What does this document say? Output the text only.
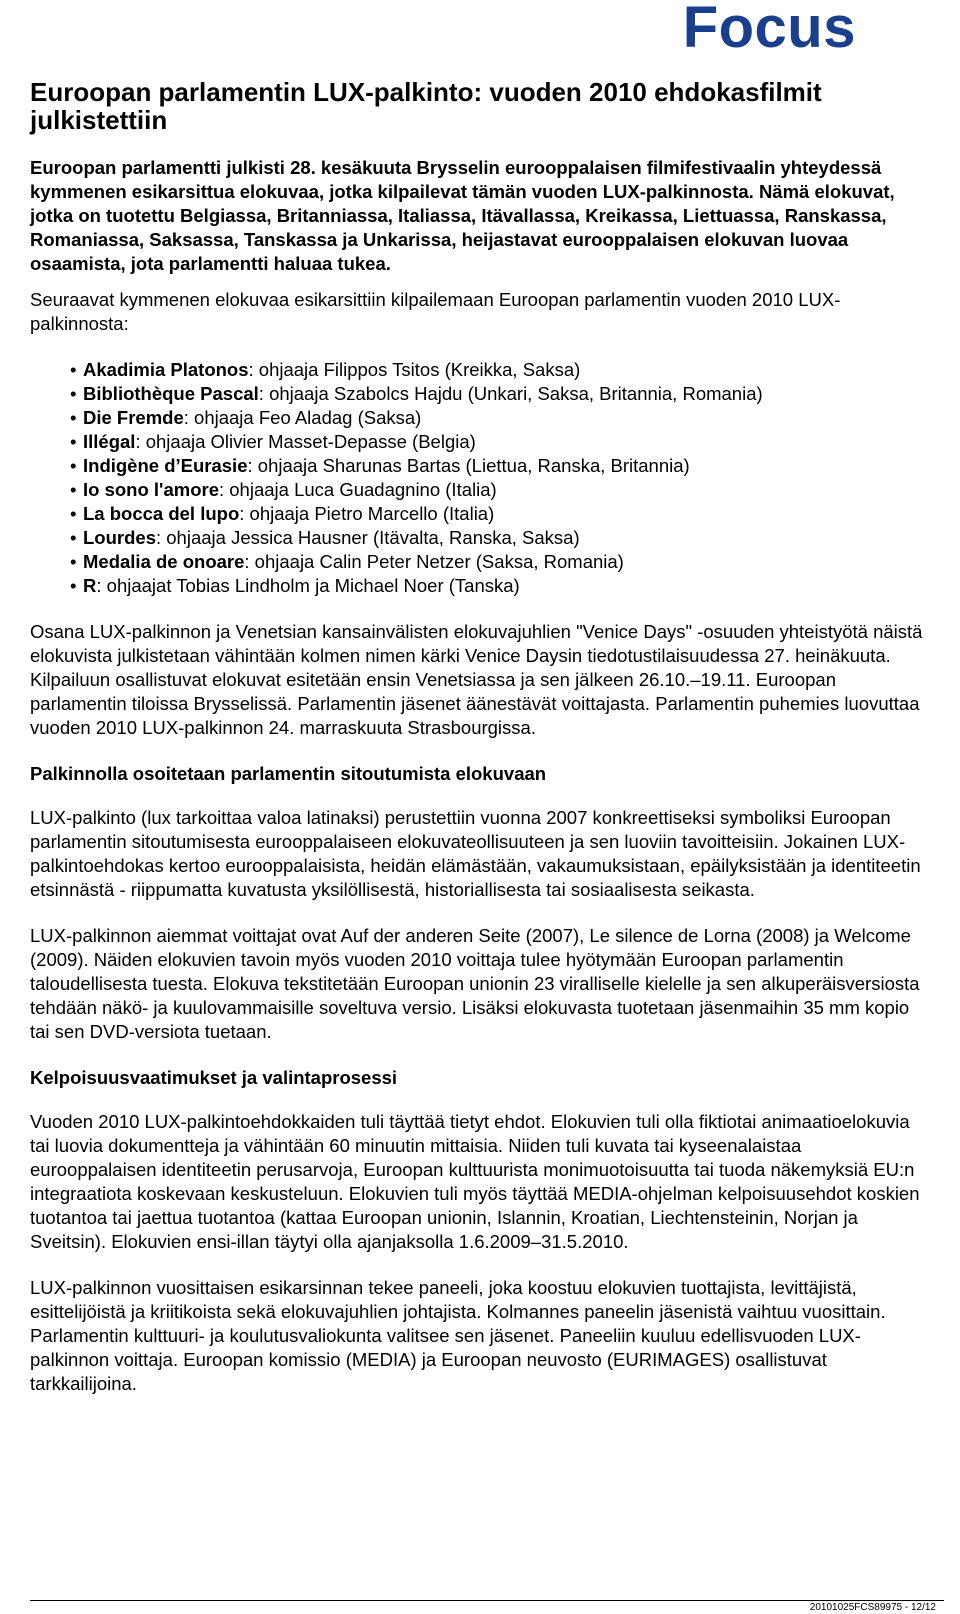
Focus
Euroopan parlamentin LUX-palkinto: vuoden 2010 ehdokasfilmit julkistettiin

Euroopan parlamentti julkisti 28. kesäkuuta Brysselin eurooppalaisen filmifestivaalin yhteydessä kymmenen esikarsittua elokuvaa, jotka kilpailevat tämän vuoden LUX-palkinnosta. Nämä elokuvat, jotka on tuotettu Belgiassa, Britanniassa, Italiassa, Itävallassa, Kreikassa, Liettuassa, Ranskassa, Romaniassa, Saksassa, Tanskassa ja Unkarissa, heijastavat eurooppalaisen elokuvan luovaa osaamista, jota parlamentti haluaa tukea.

Seuraavat kymmenen elokuvaa esikarsittiin kilpailemaan Euroopan parlamentin vuoden 2010 LUX-palkinnosta:

• Akadimia Platonos: ohjaaja Filippos Tsitos (Kreikka, Saksa)
• Bibliothèque Pascal: ohjaaja Szabolcs Hajdu (Unkari, Saksa, Britannia, Romania)
• Die Fremde: ohjaaja Feo Aladag (Saksa)
• Illégal: ohjaaja Olivier Masset-Depasse (Belgia)
• Indigène d’Eurasie: ohjaaja Sharunas Bartas (Liettua, Ranska, Britannia)
• Io sono l'amore: ohjaaja Luca Guadagnino (Italia)
• La bocca del lupo: ohjaaja Pietro Marcello (Italia)
• Lourdes: ohjaaja Jessica Hausner (Itävalta, Ranska, Saksa)
• Medalia de onoare: ohjaaja Calin Peter Netzer (Saksa, Romania)
• R: ohjaajat Tobias Lindholm ja Michael Noer (Tanska)

Osana LUX-palkinnon ja Venetsian kansainvälisten elokuvajuhlien "Venice Days" -osuuden yhteistyötä näistä elokuvista julkistetaan vähintään kolmen nimen kärki Venice Daysin tiedotustilaisuudessa 27. heinäkuuta. Kilpailuun osallistuvat elokuvat esitetään ensin Venetsiassa ja sen jälkeen 26.10.–19.11. Euroopan parlamentin tiloissa Brysselissä. Parlamentin jäsenet äänestävät voittajasta. Parlamentin puhemies luovuttaa vuoden 2010 LUX-palkinnon 24. marraskuuta Strasbourgissa.

Palkinnolla osoitetaan parlamentin sitoutumista elokuvaan

LUX-palkinto (lux tarkoittaa valoa latinaksi) perustettiin vuonna 2007 konkreettiseksi symboliksi Euroopan parlamentin sitoutumisesta eurooppalaiseen elokuvateollisuuteen ja sen luoviin tavoitteisiin. Jokainen LUX-palkintoehdokas kertoo eurooppalaisista, heidän elämästään, vakaumuksistaan, epäilyksistään ja identiteetin etsinnästä - riippumatta kuvatusta yksilöllisestä, historiallisesta tai sosiaalisesta seikasta.

LUX-palkinnon aiemmat voittajat ovat Auf der anderen Seite (2007), Le silence de Lorna (2008) ja Welcome (2009). Näiden elokuvien tavoin myös vuoden 2010 voittaja tulee hyötymään Euroopan parlamentin taloudellisesta tuesta. Elokuva tekstitetään Euroopan unionin 23 viralliselle kielelle ja sen alkuperäisversiosta tehdään näkö- ja kuulovammaisille soveltuva versio. Lisäksi elokuvasta tuotetaan jäsenmaihin 35 mm kopio tai sen DVD-versiota tuetaan.

Kelpoisuusvaatimukset ja valintaprosessi

Vuoden 2010 LUX-palkintoehdokkaiden tuli täyttää tietyt ehdot. Elokuvien tuli olla fiktiotai animaatioelokuvia tai luovia dokumentteja ja vähintään 60 minuutin mittaisia. Niiden tuli kuvata tai kyseenalaistaa eurooppalaisen identiteetin perusarvoja, Euroopan kulttuurista monimuotoisuutta tai tuoda näkemyksiä EU:n integraatiota koskevaan keskusteluun. Elokuvien tuli myös täyttää MEDIA-ohjelman kelpoisuusehdot koskien tuotantoa tai jaettua tuotantoa (kattaa Euroopan unionin, Islannin, Kroatian, Liechtensteinin, Norjan ja Sveitsin). Elokuvien ensi-illan täytyi olla ajanjaksolla 1.6.2009–31.5.2010.

LUX-palkinnon vuosittaisen esikarsinnan tekee paneeli, joka koostuu elokuvien tuottajista, levittäjistä, esittelijöistä ja kriitikoista sekä elokuvajuhlien johtajista. Kolmannes paneelin jäsenistä vaihtuu vuosittain. Parlamentin kulttuuri- ja koulutusvaliokunta valitsee sen jäsenet. Paneeliin kuuluu edellisvuoden LUX-palkinnon voittaja. Euroopan komissio (MEDIA) ja Euroopan neuvosto (EURIMAGES) osallistuvat tarkkailijoina.

20101025FCS89975 - 12/12
